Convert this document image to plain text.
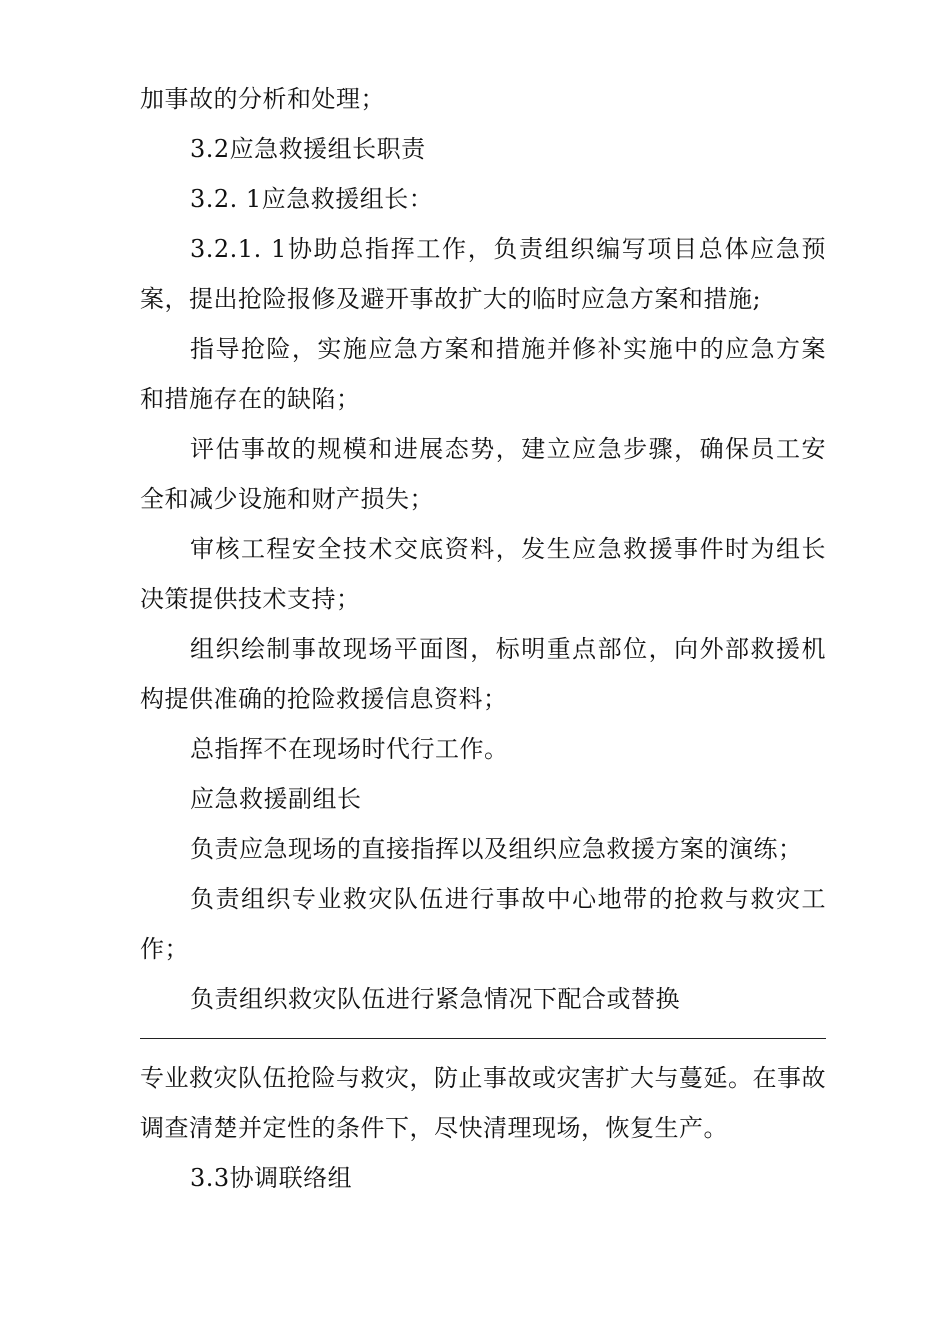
加事故的分析和处理；

3.2应急救援组长职责

3.2. 1应急救援组长：

3.2.1. 1协助总指挥工作，负责组织编写项目总体应急预案，提出抢险报修及避开事故扩大的临时应急方案和措施;

指导抢险，实施应急方案和措施并修补实施中的应急方案和措施存在的缺陷；

评估事故的规模和进展态势，建立应急步骤，确保员工安全和减少设施和财产损失；

审核工程安全技术交底资料，发生应急救援事件时为组长决策提供技术支持；

组织绘制事故现场平面图，标明重点部位，向外部救援机构提供准确的抢险救援信息资料；

总指挥不在现场时代行工作。

应急救援副组长

负责应急现场的直接指挥以及组织应急救援方案的演练；

负责组织专业救灾队伍进行事故中心地带的抢救与救灾工作；

负责组织救灾队伍进行紧急情况下配合或替换

专业救灾队伍抢险与救灾，防止事故或灾害扩大与蔓延。在事故调查清楚并定性的条件下，尽快清理现场，恢复生产。

3.3协调联络组
